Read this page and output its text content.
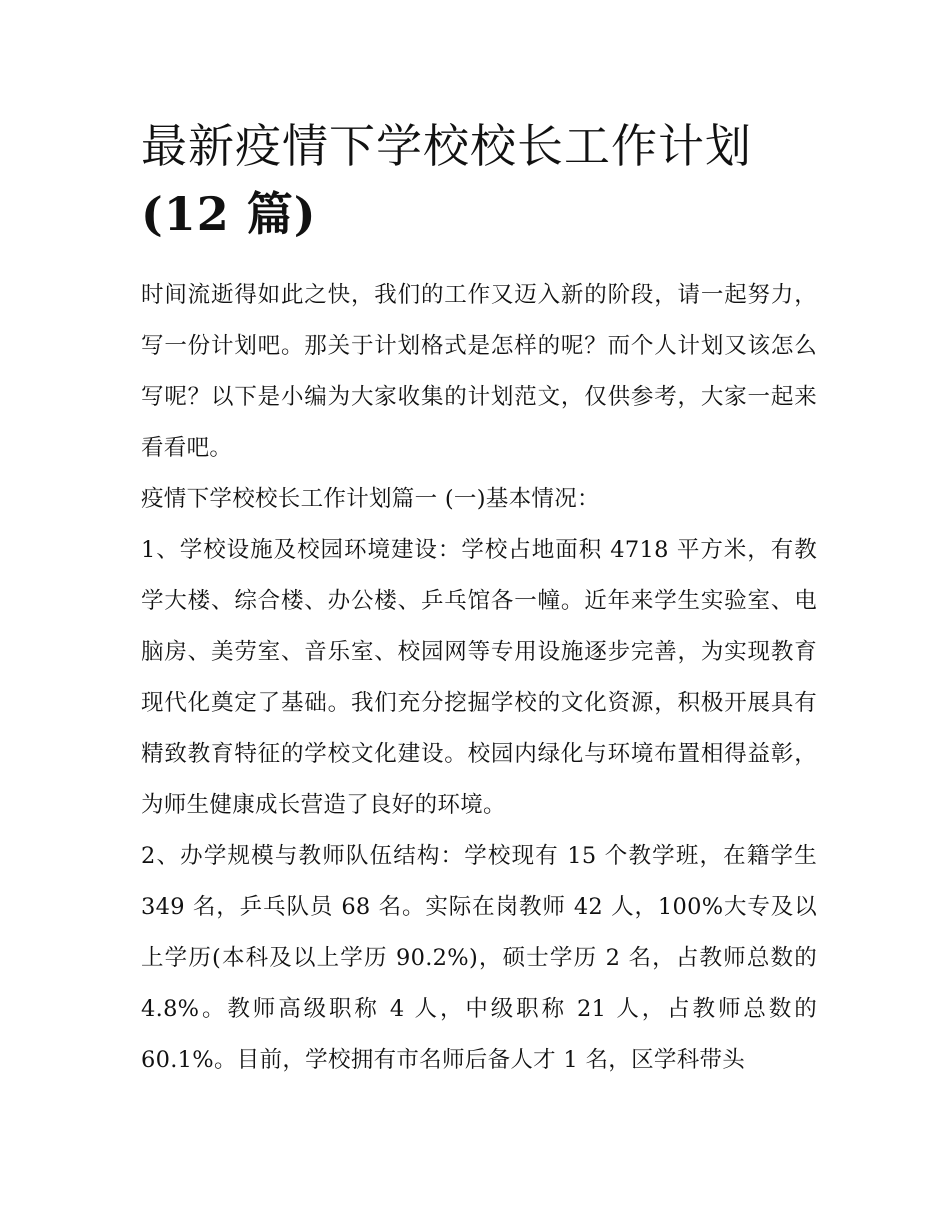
最新疫情下学校校长工作计划
(12 篇)

时间流逝得如此之快，我们的工作又迈入新的阶段，请一起努力，写一份计划吧。那关于计划格式是怎样的呢？而个人计划又该怎么写呢？以下是小编为大家收集的计划范文，仅供参考，大家一起来看看吧。

疫情下学校校长工作计划篇一 (一)基本情况：

1、学校设施及校园环境建设：学校占地面积 4718 平方米，有教学大楼、综合楼、办公楼、乒乓馆各一幢。近年来学生实验室、电脑房、美劳室、音乐室、校园网等专用设施逐步完善，为实现教育现代化奠定了基础。我们充分挖掘学校的文化资源，积极开展具有精致教育特征的学校文化建设。校园内绿化与环境布置相得益彰，为师生健康成长营造了良好的环境。

2、办学规模与教师队伍结构：学校现有 15 个教学班，在籍学生 349 名，乒乓队员 68 名。实际在岗教师 42 人，100%大专及以上学历(本科及以上学历 90.2%)，硕士学历 2 名，占教师总数的 4.8%。教师高级职称 4 人，中级职称 21 人，占教师总数的 60.1%。目前，学校拥有市名师后备人才 1 名，区学科带头
